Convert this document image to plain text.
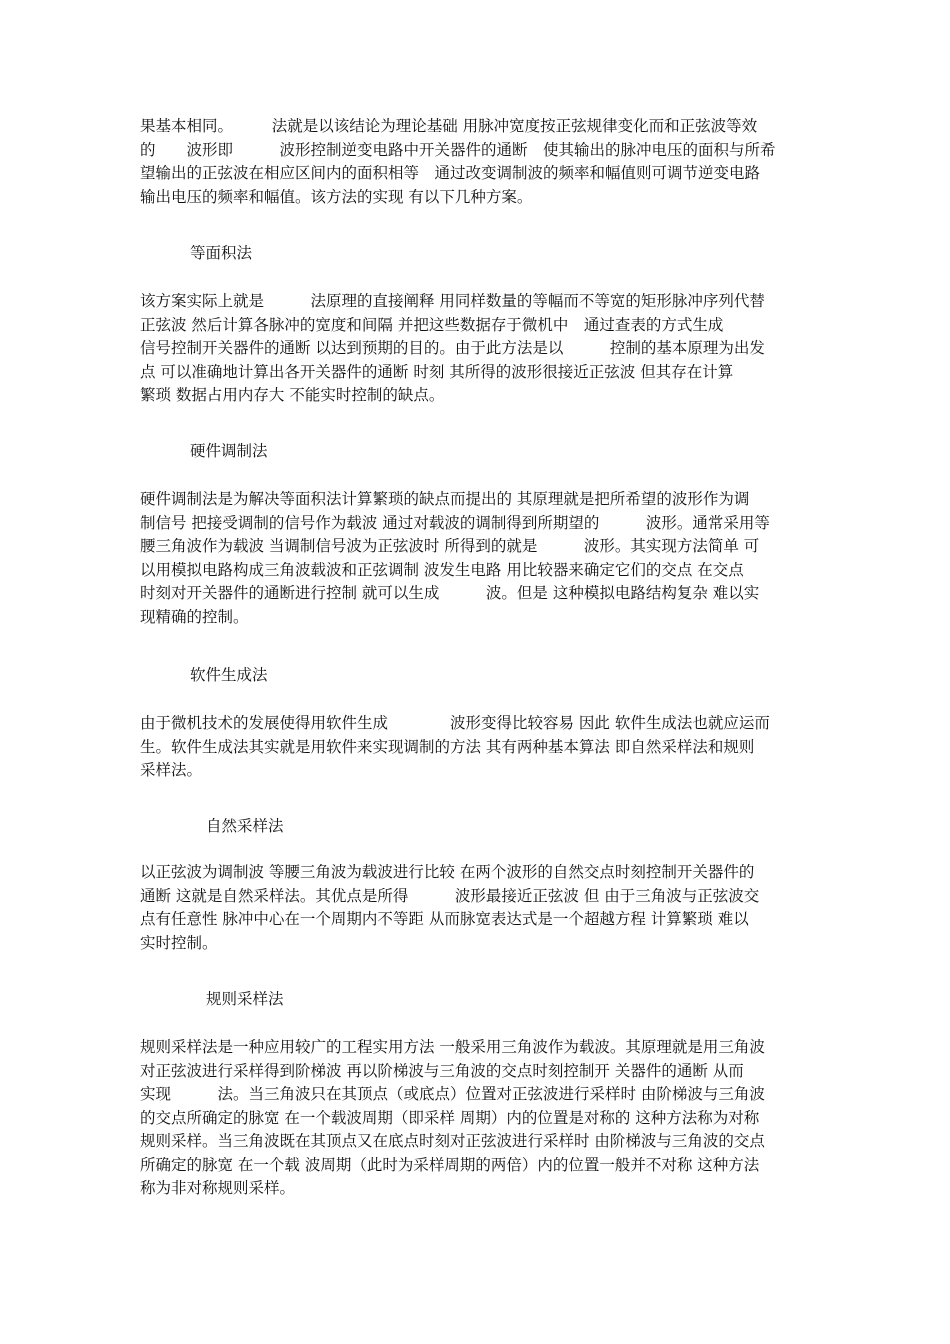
果基本相同。　　　法就是以该结论为理论基础 用脉冲宽度按正弦规律变化而和正弦波等效
的　　波形即　　　波形控制逆变电路中开关器件的通断　使其输出的脉冲电压的面积与所希
望输出的正弦波在相应区间内的面积相等　通过改变调制波的频率和幅值则可调节逆变电路
输出电压的频率和幅值。该方法的实现 有以下几种方案。
等面积法
该方案实际上就是　　　法原理的直接阐释 用同样数量的等幅而不等宽的矩形脉冲序列代替
正弦波 然后计算各脉冲的宽度和间隔 并把这些数据存于微机中　通过查表的方式生成
信号控制开关器件的通断 以达到预期的目的。由于此方法是以　　　控制的基本原理为出发
点 可以准确地计算出各开关器件的通断 时刻 其所得的波形很接近正弦波 但其存在计算
繁琐 数据占用内存大 不能实时控制的缺点。
硬件调制法
硬件调制法是为解决等面积法计算繁琐的缺点而提出的 其原理就是把所希望的波形作为调
制信号 把接受调制的信号作为载波 通过对载波的调制得到所期望的　　　波形。通常采用等
腰三角波作为载波 当调制信号波为正弦波时 所得到的就是　　　波形。其实现方法简单 可
以用模拟电路构成三角波载波和正弦调制 波发生电路 用比较器来确定它们的交点 在交点
时刻对开关器件的通断进行控制 就可以生成　　　波。但是 这种模拟电路结构复杂 难以实
现精确的控制。
软件生成法
由于微机技术的发展使得用软件生成　　　　波形变得比较容易 因此 软件生成法也就应运而
生。软件生成法其实就是用软件来实现调制的方法 其有两种基本算法 即自然采样法和规则
采样法。
自然采样法
以正弦波为调制波 等腰三角波为载波进行比较 在两个波形的自然交点时刻控制开关器件的
通断 这就是自然采样法。其优点是所得　　　波形最接近正弦波 但 由于三角波与正弦波交
点有任意性 脉冲中心在一个周期内不等距 从而脉宽表达式是一个超越方程 计算繁琐 难以
实时控制。
规则采样法
规则采样法是一种应用较广的工程实用方法 一般采用三角波作为载波。其原理就是用三角波
对正弦波进行采样得到阶梯波 再以阶梯波与三角波的交点时刻控制开 关器件的通断 从而
实现　　　法。当三角波只在其顶点（或底点）位置对正弦波进行采样时 由阶梯波与三角波
的交点所确定的脉宽 在一个载波周期（即采样 周期）内的位置是对称的 这种方法称为对称
规则采样。当三角波既在其顶点又在底点时刻对正弦波进行采样时 由阶梯波与三角波的交点
所确定的脉宽 在一个载 波周期（此时为采样周期的两倍）内的位置一般并不对称 这种方法
称为非对称规则采样。
